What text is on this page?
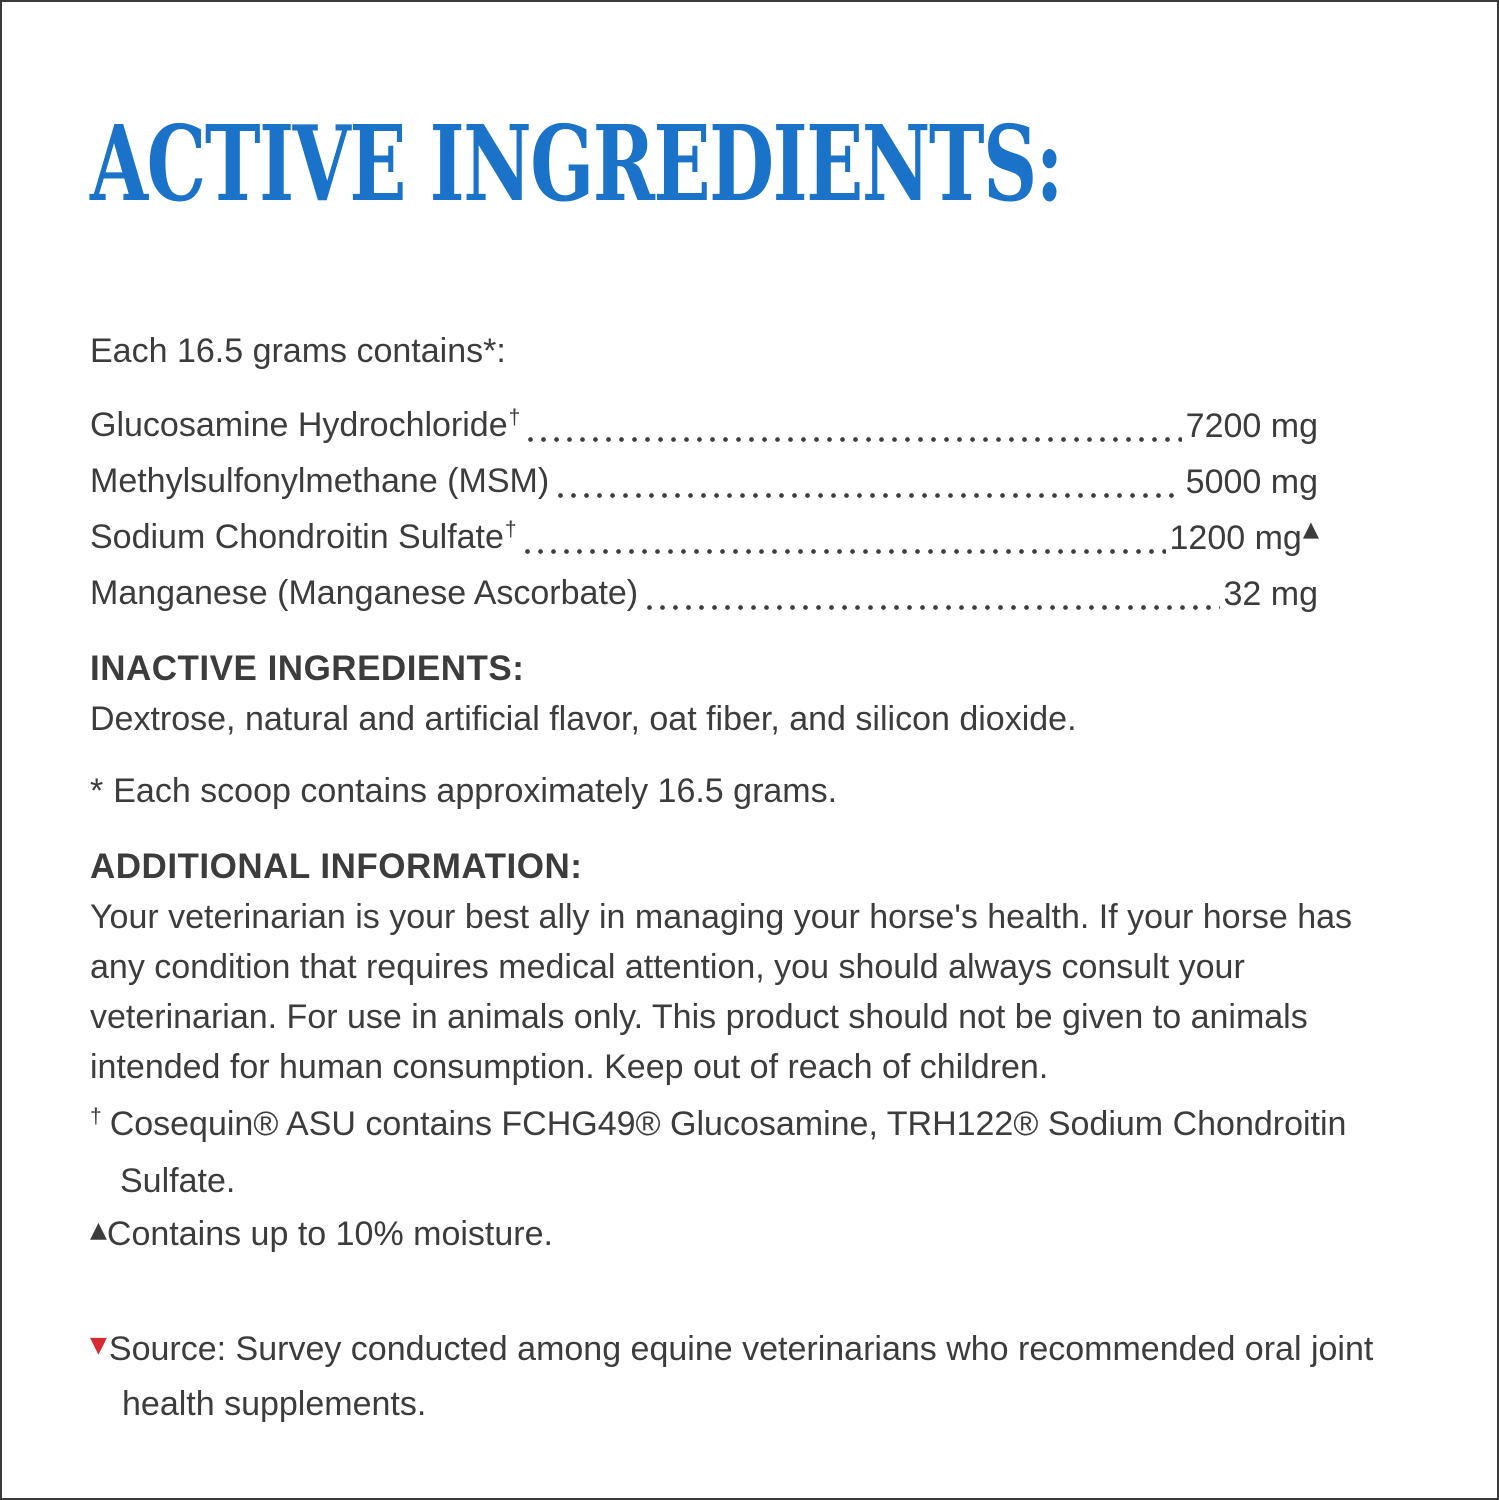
ACTIVE INGREDIENTS:

Each 16.5 grams contains*:

Glucosamine Hydrochloride†	7200 mg
Methylsulfonylmethane (MSM)	5000 mg
Sodium Chondroitin Sulfate†	1200 mg▲
Manganese (Manganese Ascorbate)	32 mg
INACTIVE INGREDIENTS:

Dextrose, natural and artificial flavor, oat fiber, and silicon dioxide.

* Each scoop contains approximately 16.5 grams.

ADDITIONAL INFORMATION:

Your veterinarian is your best ally in managing your horse's health. If your horse has any condition that requires medical attention, you should always consult your veterinarian. For use in animals only. This product should not be given to animals intended for human consumption. Keep out of reach of children.

† Cosequin® ASU contains FCHG49® Glucosamine, TRH122® Sodium Chondroitin Sulfate.

▲Contains up to 10% moisture.

▼Source: Survey conducted among equine veterinarians who recommended oral joint health supplements.
